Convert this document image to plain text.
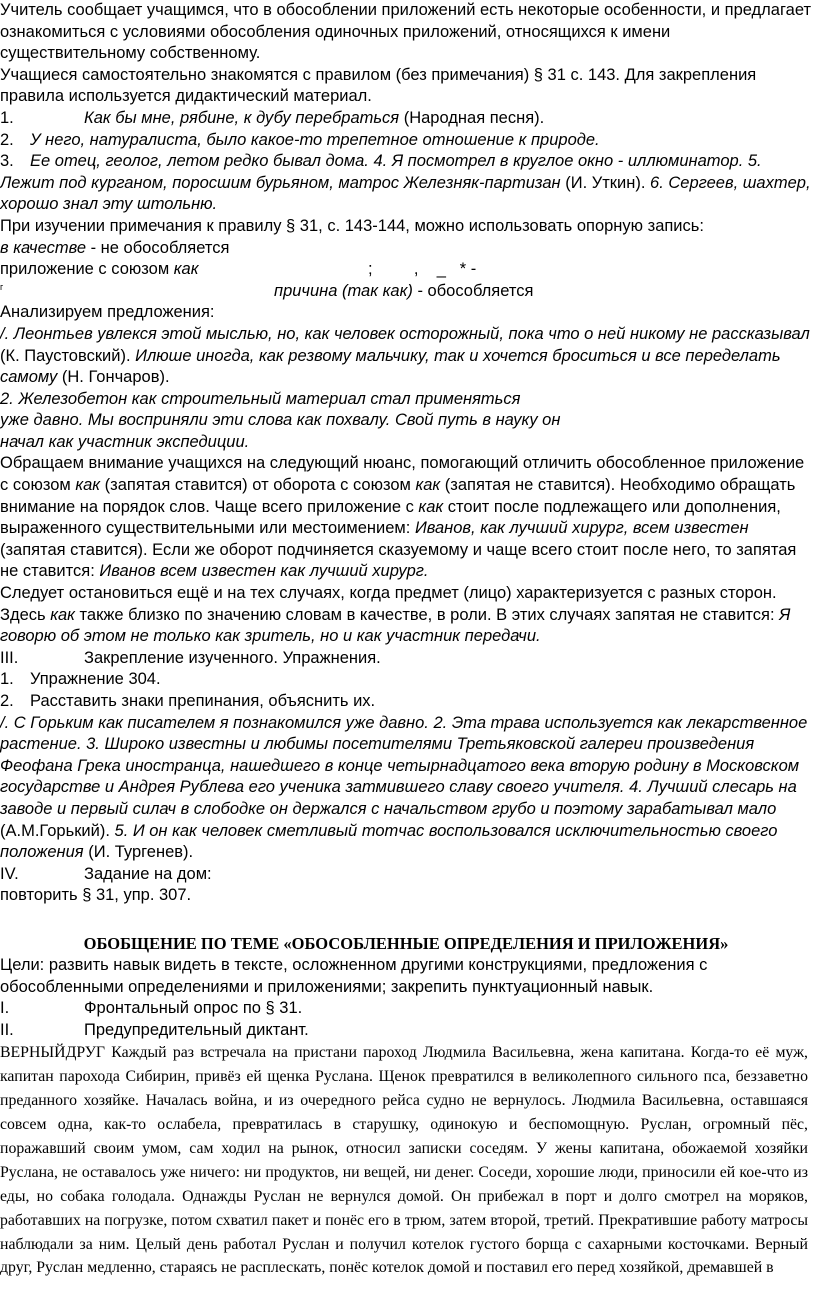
Учитель сообщает учащимся, что в обособлении приложений есть некоторые особенности, и предлагает ознакомиться с условиями обособления одиночных приложений, относящихся к имени существительному собственному.

Учащиеся самостоятельно знакомятся с правилом (без примечания) § 31 с. 143. Для закрепления правила используется дидактический материал.

1.	Как бы мне, рябине, к дубу перебраться (Народная песня).

2. У него, натуралиста, было какое-то трепетное отношение к природе.

3. Ее отец, геолог, летом редко бывал дома. 4. Я посмотрел в круглое окно - иллюминатор. 5. Лежит под курганом, поросшим бурьяном, матрос Железняк-партизан (И. Уткин). 6. Сергеев, шахтер, хорошо знал эту штольню.

При изучении примечания к правилу § 31, с. 143-144, можно использовать опорную запись:

в качестве - не обособляется

приложение с союзом как	;         ,    _   * -

г	причина (так как) - обособляется

Анализируем предложения:

/. Леонтьев увлекся этой мыслью, но, как человек осторожный, пока что о ней никому не рассказывал (К. Паустовский). Илюше иногда, как резвому мальчику, так и хочется броситься и все переделать самому (Н. Гончаров).

2. Железобетон как строительный материал стал применяться

уже давно. Мы восприняли эти слова как похвалу. Свой путь в науку он

начал как участник экспедиции.

Обращаем внимание учащихся на следующий нюанс, помогающий отличить обособленное приложение с союзом как (запятая ставится) от оборота с союзом как (запятая не ставится). Необходимо обращать внимание на порядок слов. Чаще всего приложение с как стоит после подлежащего или дополнения, выраженного существительными или местоимением: Иванов, как лучший хирург, всем известен (запятая ставится). Если же оборот подчиняется сказуемому и чаще всего стоит после него, то запятая не ставится: Иванов всем известен как лучший хирург.

Следует остановиться ещё и на тех случаях, когда предмет (лицо) характеризуется с разных сторон. Здесь как также близко по значению словам в качестве, в роли. В этих случаях запятая не ставится: Я говорю об этом не только как зритель, но и как участник передачи.

III.	Закрепление изученного. Упражнения.

1. Упражнение 304.

2. Расставить знаки препинания, объяснить их.

/. С Горьким как писателем я познакомился уже давно. 2. Эта трава используется как лекарственное растение. 3. Широко известны и любимы посетителями Третьяковской галереи произведения Феофана Грека иностранца, нашедшего в конце четырнадцатого века вторую родину в Московском государстве и Андрея Рублева его ученика затмившего славу своего учителя. 4. Лучший слесарь на заводе и первый силач в слободке он держался с начальством грубо и поэтому зарабатывал мало (А.М.Горький). 5. И он как человек сметливый тотчас воспользовался исключительностью своего положения (И. Тургенев).

IV.	Задание на дом:

повторить § 31, упр. 307.

ОБОБЩЕНИЕ ПО ТЕМЕ «ОБОСОБЛЕННЫЕ ОПРЕДЕЛЕНИЯ И ПРИЛОЖЕНИЯ»

Цели: развить навык видеть в тексте, осложненном другими конструкциями, предложения с обособленными определениями и приложениями; закрепить пунктуационный навык.

I.	Фронтальный опрос по § 31.

II.	Предупредительный диктант.

ВЕРНЫЙДРУГ Каждый раз встречала на пристани пароход Людмила Васильевна, жена капитана. Когда-то её муж, капитан парохода Сибирин, привёз ей щенка Руслана. Щенок превратился в великолепного сильного пса, беззаветно преданного хозяйке. Началась война, и из очередного рейса судно не вернулось. Людмила Васильевна, оставшаяся совсем одна, как-то ослабела, превратилась в старушку, одинокую и беспомощную. Руслан, огромный пёс, поражавший своим умом, сам ходил на рынок, относил записки соседям. У жены капитана, обожаемой хозяйки Руслана, не оставалось уже ничего: ни продуктов, ни вещей, ни денег. Соседи, хорошие люди, приносили ей кое-что из еды, но собака голодала. Однажды Руслан не вернулся домой. Он прибежал в порт и долго смотрел на моряков, работавших на погрузке, потом схватил пакет и понёс его в трюм, затем второй, третий. Прекратившие работу матросы наблюдали за ним. Целый день работал Руслан и получил котелок густого борща с сахарными косточками. Верный друг, Руслан медленно, стараясь не расплескать, понёс котелок домой и поставил его перед хозяйкой, дремавшей в
